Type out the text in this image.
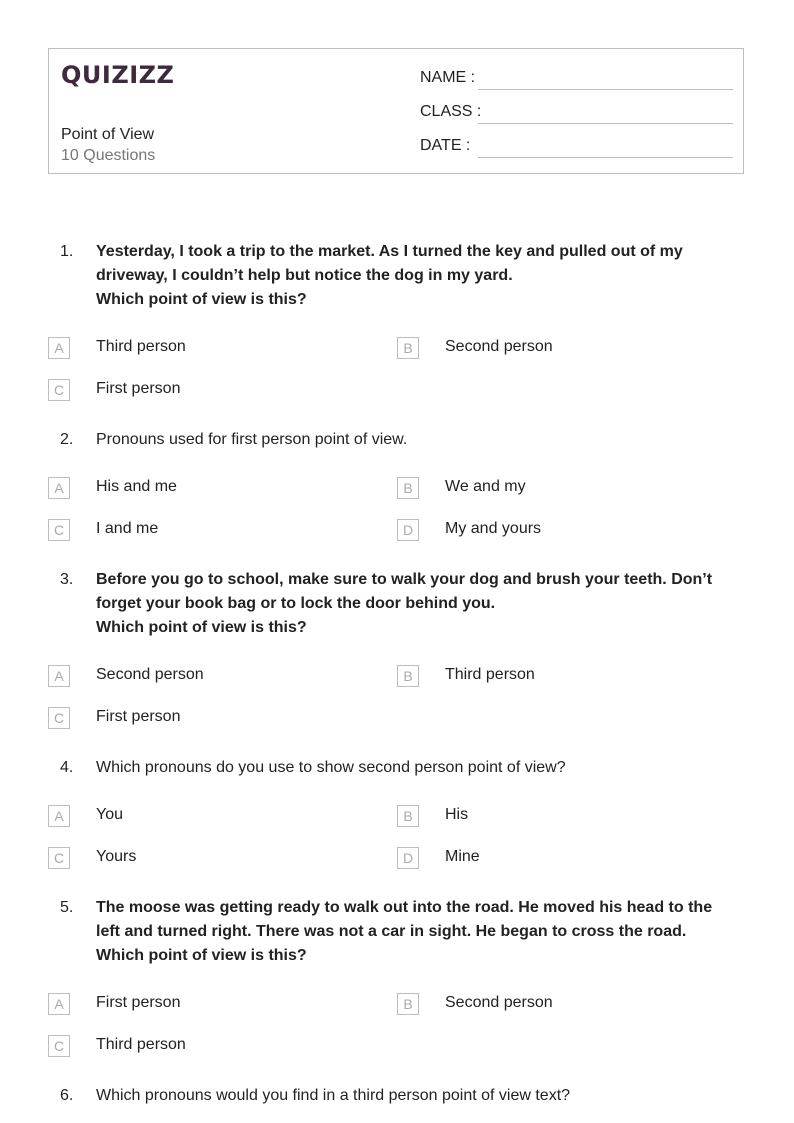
QUIZIZZ
Point of View
10 Questions
NAME :
CLASS :
DATE :
1.	Yesterday, I took a trip to the market. As I turned the key and pulled out of my
driveway, I couldn’t help but notice the dog in my yard.
Which point of view is this?
A	Third person	B	Second person
C	First person
2.	Pronouns used for first person point of view.
A	His and me	B	We and my
C	I and me	D	My and yours
3.	Before you go to school, make sure to walk your dog and brush your teeth. Don’t
forget your book bag or to lock the door behind you.
Which point of view is this?
A	Second person	B	Third person
C	First person
4.	Which pronouns do you use to show second person point of view?
A	You	B	His
C	Yours	D	Mine
5.	The moose was getting ready to walk out into the road. He moved his head to the
left and turned right. There was not a car in sight. He began to cross the road.
Which point of view is this?
A	First person	B	Second person
C	Third person
6.	Which pronouns would you find in a third person point of view text?
